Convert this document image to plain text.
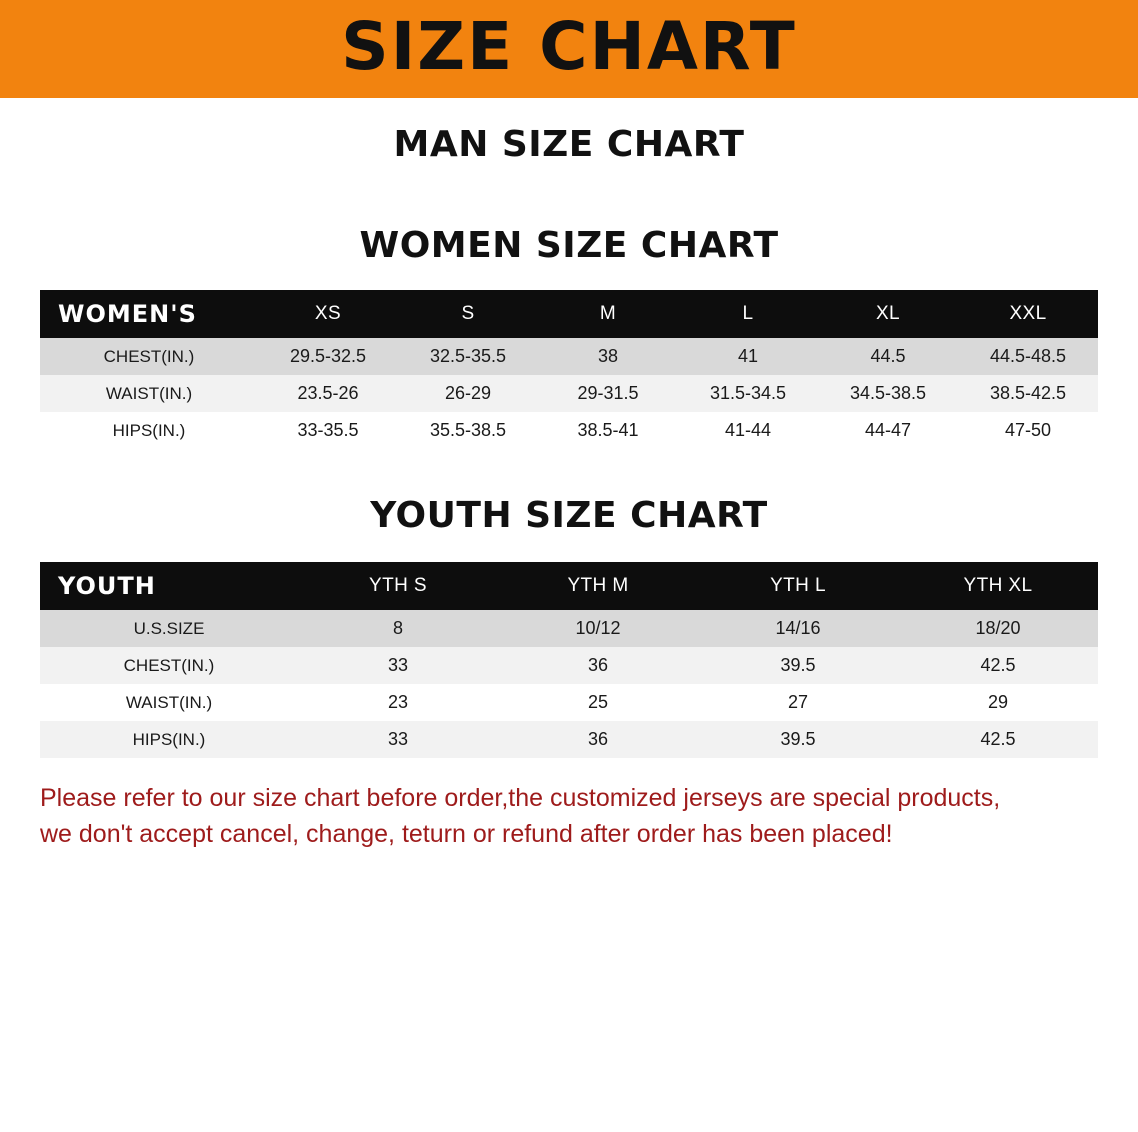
SIZE CHART
MAN SIZE CHART
WOMEN SIZE CHART
WOMEN'S	XS	S	M	L	XL	XXL
CHEST(IN.)	29.5-32.5	32.5-35.5	38	41	44.5	44.5-48.5
WAIST(IN.)	23.5-26	26-29	29-31.5	31.5-34.5	34.5-38.5	38.5-42.5
HIPS(IN.)	33-35.5	35.5-38.5	38.5-41	41-44	44-47	47-50
YOUTH SIZE CHART
YOUTH	YTH S	YTH M	YTH L	YTH XL
U.S.SIZE	8	10/12	14/16	18/20
CHEST(IN.)	33	36	39.5	42.5
WAIST(IN.)	23	25	27	29
HIPS(IN.)	33	36	39.5	42.5
Please refer to our size chart before order,the customized jerseys are special products,
we don't accept cancel, change, teturn or refund after order has been placed!
